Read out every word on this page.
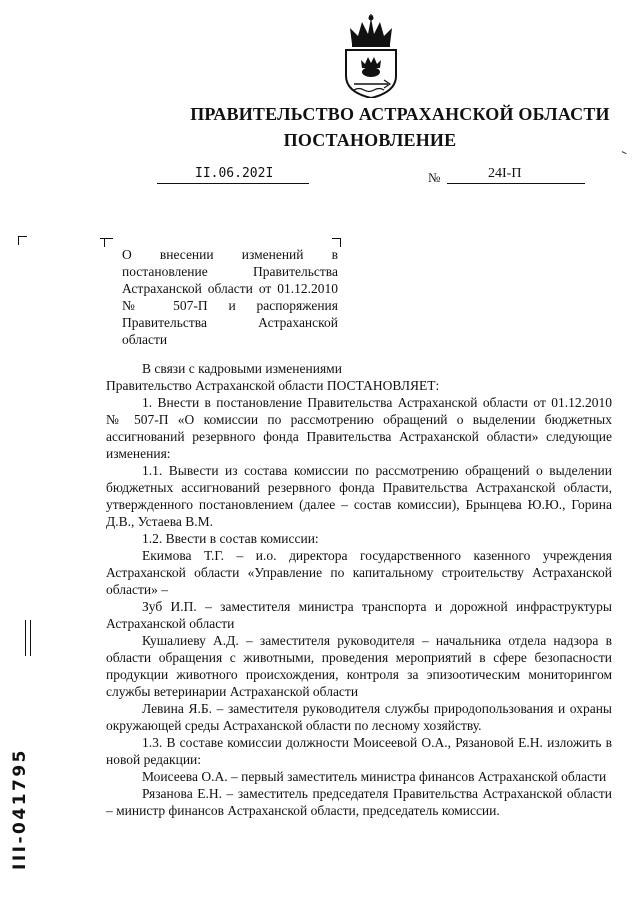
ПРАВИТЕЛЬСТВО АСТРАХАНСКОЙ ОБЛАСТИ
ПОСТАНОВЛЕНИЕ
II.06.202I	№	24I-П
О внесении изменений в постановление Правительства Астраханской области от 01.12.2010 № 507-П и распоряжения Правительства Астраханской области

В связи с кадровыми изменениями

Правительство Астраханской области ПОСТАНОВЛЯЕТ:

1. Внести в постановление Правительства Астраханской области от 01.12.2010 № 507-П «О комиссии по рассмотрению обращений о выделении бюджетных ассигнований резервного фонда Правительства Астраханской области» следующие изменения:

1.1. Вывести из состава комиссии по рассмотрению обращений о выделении бюджетных ассигнований резервного фонда Правительства Астраханской области, утвержденного постановлением (далее – состав комиссии), Брынцева Ю.Ю., Горина Д.В., Устаева В.М.

1.2. Ввести в состав комиссии:

Екимова Т.Г. – и.о. директора государственного казенного учреждения Астраханской области «Управление по капитальному строительству Астраханской области» –

Зуб И.П. – заместителя министра транспорта и дорожной инфраструктуры Астраханской области

Кушалиеву А.Д. – заместителя руководителя – начальника отдела надзора в области обращения с животными, проведения мероприятий в сфере безопасности продукции животного происхождения, контроля за эпизоотическим мониторингом службы ветеринарии Астраханской области

Левина Я.Б. – заместителя руководителя службы природопользования и охраны окружающей среды Астраханской области по лесному хозяйству.

1.3. В составе комиссии должности Моисеевой О.А., Рязановой Е.Н. изложить в новой редакции:

Моисеева О.А. – первый заместитель министра финансов Астраханской области

Рязанова Е.Н. – заместитель председателя Правительства Астраханской области – министр финансов Астраханской области, председатель комиссии.

III-041795
